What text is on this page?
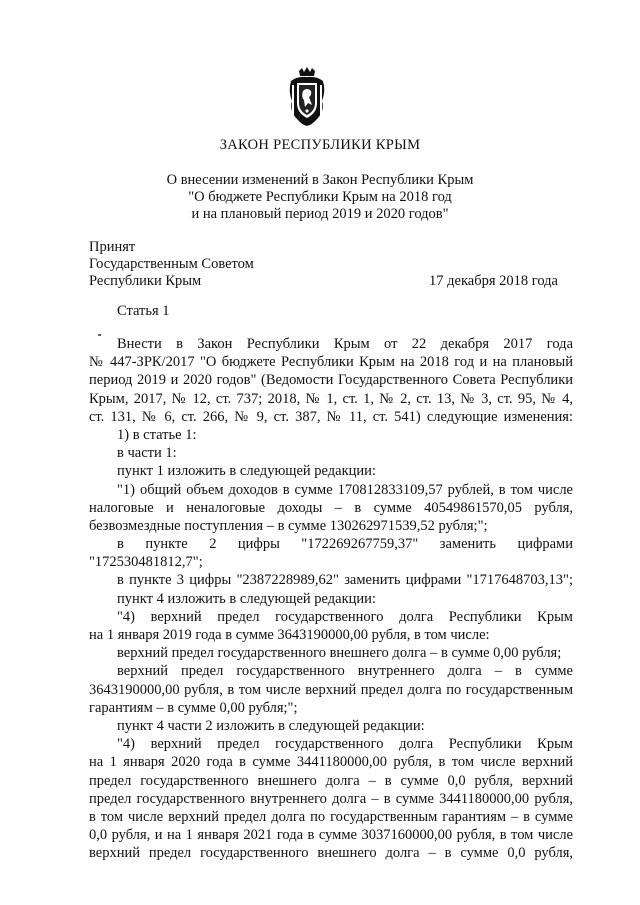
ЗАКОН РЕСПУБЛИКИ КРЫМ
О внесении изменений в Закон Республики Крым
"О бюджете Республики Крым на 2018 год
и на плановый период 2019 и 2020 годов"
Принят
Государственным Советом
Республики Крым	17 декабря 2018 года
Статья 1
Внести в Закон Республики Крым от 22 декабря 2017 года
№ 447-ЗРК/2017 "О бюджете Республики Крым на 2018 год и на плановый
период 2019 и 2020 годов" (Ведомости Государственного Совета Республики
Крым, 2017, № 12, ст. 737; 2018, № 1, ст. 1, № 2, ст. 13, № 3, ст. 95, № 4,
ст. 131, № 6, ст. 266, № 9, ст. 387, № 11, ст. 541) следующие изменения:
1) в статье 1:
в части 1:
пункт 1 изложить в следующей редакции:
"1) общий объем доходов в сумме 170812833109,57 рублей, в том числе
налоговые и неналоговые доходы – в сумме 40549861570,05 рубля,
безвозмездные поступления – в сумме 130262971539,52 рубля;";
в пункте 2 цифры "172269267759,37" заменить цифрами
"172530481812,7";
в пункте 3 цифры "2387228989,62" заменить цифрами "1717648703,13";
пункт 4 изложить в следующей редакции:
"4) верхний предел государственного долга Республики Крым
на 1 января 2019 года в сумме 3643190000,00 рубля, в том числе:
верхний предел государственного внешнего долга – в сумме 0,00 рубля;
верхний предел государственного внутреннего долга – в сумме
3643190000,00 рубля, в том числе верхний предел долга по государственным
гарантиям – в сумме 0,00 рубля;";
пункт 4 части 2 изложить в следующей редакции:
"4) верхний предел государственного долга Республики Крым
на 1 января 2020 года в сумме 3441180000,00 рубля, в том числе верхний
предел государственного внешнего долга – в сумме 0,0 рубля, верхний
предел государственного внутреннего долга – в сумме 3441180000,00 рубля,
в том числе верхний предел долга по государственным гарантиям – в сумме
0,0 рубля, и на 1 января 2021 года в сумме 3037160000,00 рубля, в том числе
верхний предел государственного внешнего долга – в сумме 0,0 рубля,
